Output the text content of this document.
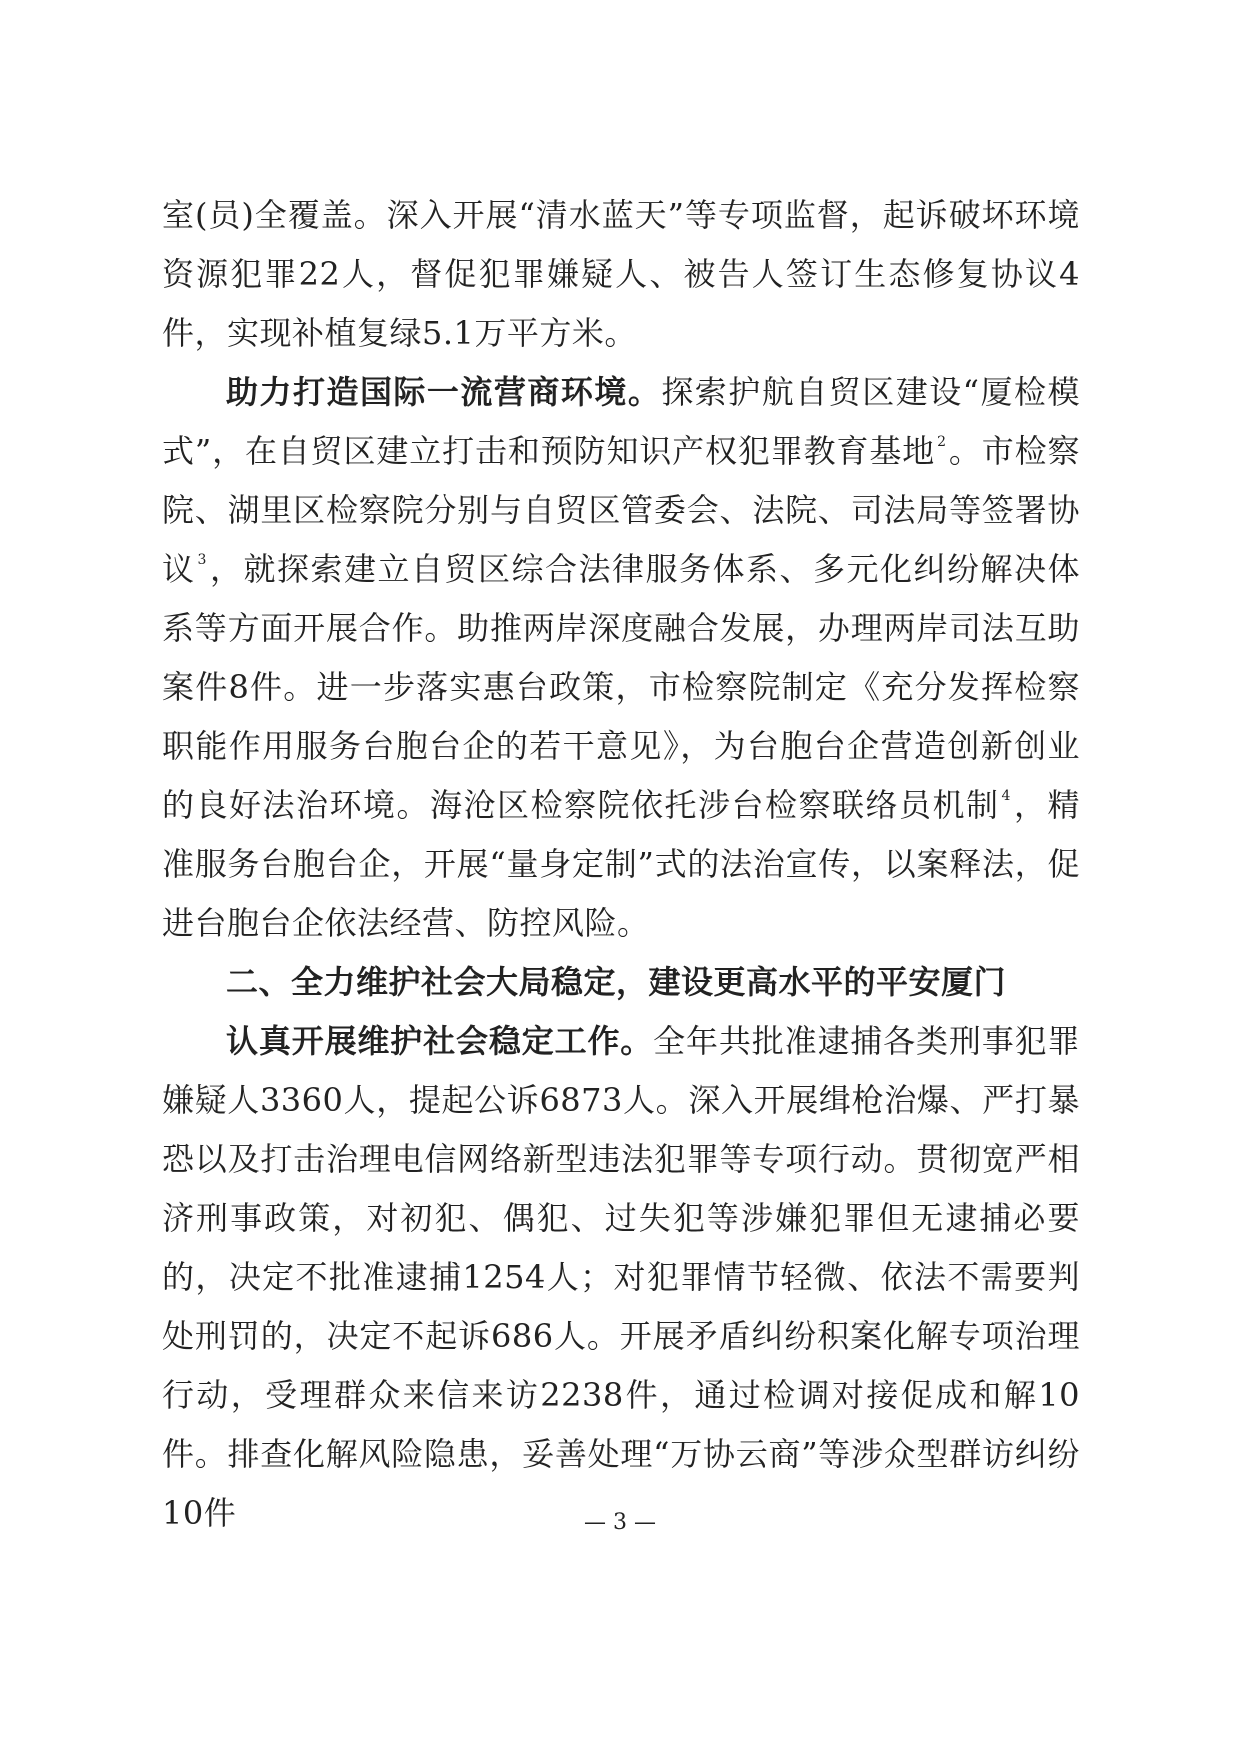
室(员)全覆盖。深入开展“清水蓝天”等专项监督，起诉破坏环境资源犯罪22人，督促犯罪嫌疑人、被告人签订生态修复协议4件，实现补植复绿5.1万平方米。

助力打造国际一流营商环境。探索护航自贸区建设“厦检模式”，在自贸区建立打击和预防知识产权犯罪教育基地 $^2$。市检察院、湖里区检察院分别与自贸区管委会、法院、司法局等签署协议 $^3$，就探索建立自贸区综合法律服务体系、多元化纠纷解决体系等方面开展合作。助推两岸深度融合发展，办理两岸司法互助案件8件。进一步落实惠台政策，市检察院制定《充分发挥检察职能作用服务台胞台企的若干意见》，为台胞台企营造创新创业的良好法治环境。海沧区检察院依托涉台检察联络员机制 $^4$，精准服务台胞台企，开展“量身定制”式的法治宣传，以案释法，促进台胞台企依法经营、防控风险。

二、全力维护社会大局稳定，建设更高水平的平安厦门

认真开展维护社会稳定工作。全年共批准逮捕各类刑事犯罪嫌疑人3360人，提起公诉6873人。深入开展缉枪治爆、严打暴恐以及打击治理电信网络新型违法犯罪等专项行动。贯彻宽严相济刑事政策，对初犯、偶犯、过失犯等涉嫌犯罪但无逮捕必要的，决定不批准逮捕1254人；对犯罪情节轻微、依法不需要判处刑罚的，决定不起诉686人。开展矛盾纠纷积案化解专项治理行动，受理群众来信来访2238件，通过检调对接促成和解10件。排查化解风险隐患，妥善处理“万协云商”等涉众型群访纠纷10件	— 3 —
